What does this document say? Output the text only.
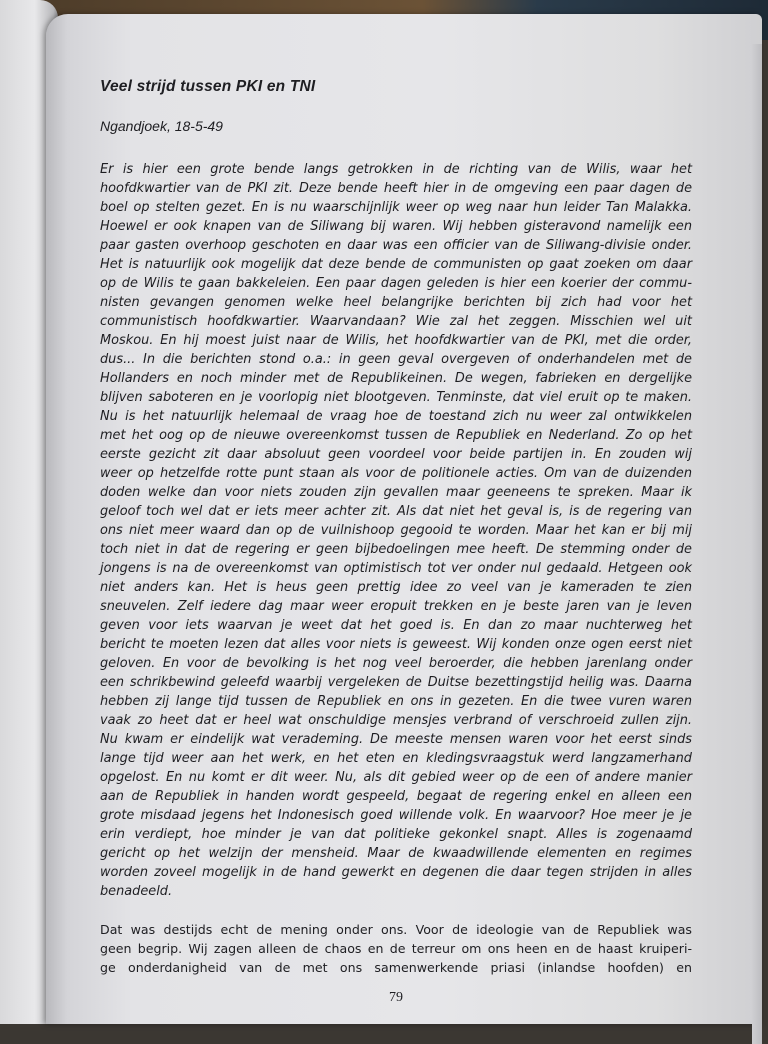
Veel strijd tussen PKI en TNI
Ngandjoek, 18-5-49

Er is hier een grote bende langs getrokken in de richting van de Wilis, waar het
hoofdkwartier van de PKI zit. Deze bende heeft hier in de omgeving een paar dagen de
boel op stelten gezet. En is nu waarschijnlijk weer op weg naar hun leider Tan Malakka.
Hoewel er ook knapen van de Siliwang bij waren. Wij hebben gisteravond namelijk een
paar gasten overhoop geschoten en daar was een officier van de Siliwang-divisie onder.
Het is natuurlijk ook mogelijk dat deze bende de communisten op gaat zoeken om daar
op de Wilis te gaan bakkeleien. Een paar dagen geleden is hier een koerier der commu-
nisten gevangen genomen welke heel belangrijke berichten bij zich had voor het
communistisch hoofdkwartier. Waarvandaan? Wie zal het zeggen. Misschien wel uit
Moskou. En hij moest juist naar de Wilis, het hoofdkwartier van de PKI, met die order,
dus... In die berichten stond o.a.: in geen geval overgeven of onderhandelen met de
Hollanders en noch minder met de Republikeinen. De wegen, fabrieken en dergelijke
blijven saboteren en je voorlopig niet blootgeven. Tenminste, dat viel eruit op te maken.
Nu is het natuurlijk helemaal de vraag hoe de toestand zich nu weer zal ontwikkelen
met het oog op de nieuwe overeenkomst tussen de Republiek en Nederland. Zo op het
eerste gezicht zit daar absoluut geen voordeel voor beide partijen in. En zouden wij
weer op hetzelfde rotte punt staan als voor de politionele acties. Om van de duizenden
doden welke dan voor niets zouden zijn gevallen maar geeneens te spreken. Maar ik
geloof toch wel dat er iets meer achter zit. Als dat niet het geval is, is de regering van
ons niet meer waard dan op de vuilnishoop gegooid te worden. Maar het kan er bij mij
toch niet in dat de regering er geen bijbedoelingen mee heeft. De stemming onder de
jongens is na de overeenkomst van optimistisch tot ver onder nul gedaald. Hetgeen ook
niet anders kan. Het is heus geen prettig idee zo veel van je kameraden te zien
sneuvelen. Zelf iedere dag maar weer eropuit trekken en je beste jaren van je leven
geven voor iets waarvan je weet dat het goed is. En dan zo maar nuchterweg het
bericht te moeten lezen dat alles voor niets is geweest. Wij konden onze ogen eerst niet
geloven. En voor de bevolking is het nog veel beroerder, die hebben jarenlang onder
een schrikbewind geleefd waarbij vergeleken de Duitse bezettingstijd heilig was. Daarna
hebben zij lange tijd tussen de Republiek en ons in gezeten. En die twee vuren waren
vaak zo heet dat er heel wat onschuldige mensjes verbrand of verschroeid zullen zijn.
Nu kwam er eindelijk wat verademing. De meeste mensen waren voor het eerst sinds
lange tijd weer aan het werk, en het eten en kledingsvraagstuk werd langzamerhand
opgelost. En nu komt er dit weer. Nu, als dit gebied weer op de een of andere manier
aan de Republiek in handen wordt gespeeld, begaat de regering enkel en alleen een
grote misdaad jegens het Indonesisch goed willende volk. En waarvoor? Hoe meer je je
erin verdiept, hoe minder je van dat politieke gekonkel snapt. Alles is zogenaamd
gericht op het welzijn der mensheid. Maar de kwaadwillende elementen en regimes
worden zoveel mogelijk in de hand gewerkt en degenen die daar tegen strijden in alles
benadeeld.

Dat was destijds echt de mening onder ons. Voor de ideologie van de Republiek was
geen begrip. Wij zagen alleen de chaos en de terreur om ons heen en de haast kruiperi-
ge onderdanigheid van de met ons samenwerkende priasi (inlandse hoofden) en

79
